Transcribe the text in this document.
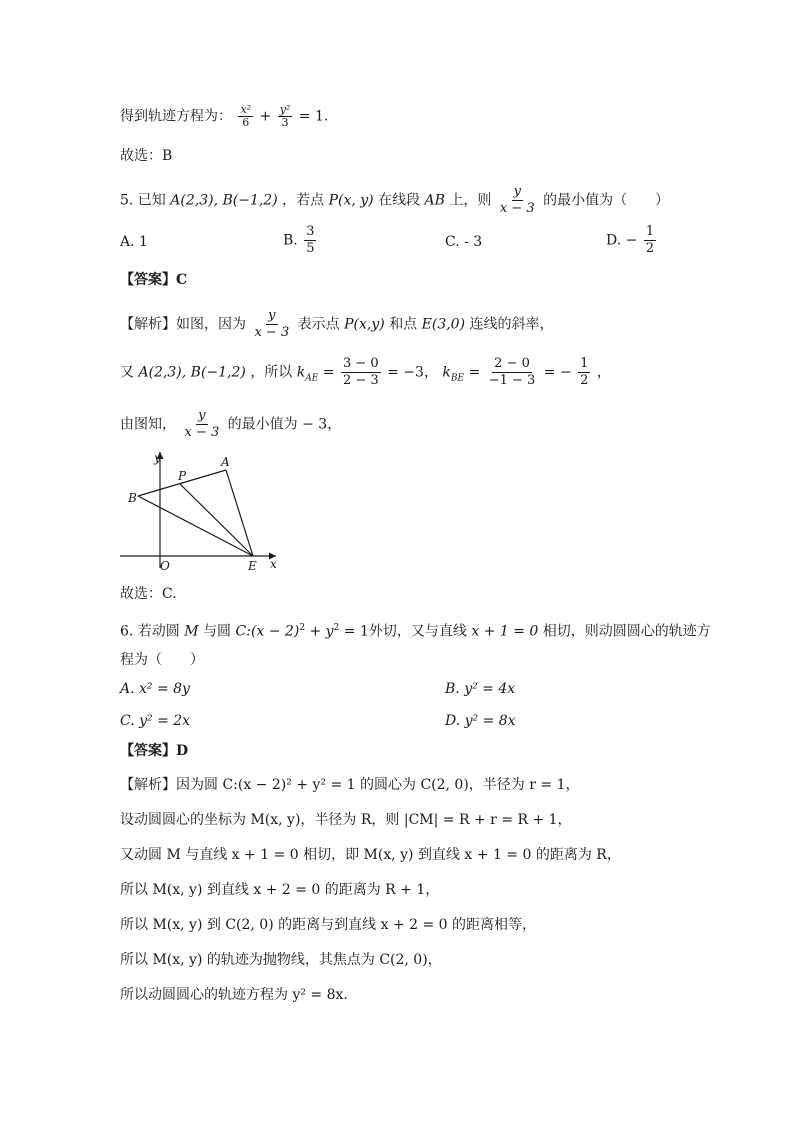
得到轨迹方程为： $\frac{\text{x²}}{6} + \frac{\text{y²}}{3} = 1$.
故选：B
5. 已知 A(2,3), B(−1,2) ，若点 P(x, y) 在线段 AB 上，则 $\frac{y}{x - 3}$ 的最小值为（　　）
A. 1	B. $\frac{3}{5}$	C. - 3	D. − $\frac{1}{2}$
【答案】C
【解析】如图，因为 $\frac{y}{x - 3}$ 表示点 P(x,y) 和点 E(3,0) 连线的斜率，
又 A(2,3), B(−1,2) ，所以 $k_{AE} = \frac{3 - 0}{2 - 3} = -3$， $k_{BE} = \frac{2 - 0}{-1 - 3}$ = − $\frac{1}{2}$ ，
由图知， $\frac{y}{x - 3}$ 的最小值为 − 3，
y
x
O	E
A
B
P
故选：C.
6. 若动圆 M 与圆 C:(x − $2)^2 + y^2 = 1$外切，又与直线 x + 1 = 0 相切，则动圆圆心的轨迹方
程为（　　）
A. x² = 8y	B. y² = 4x
C. y² = 2x	D. y² = 8x
【答案】D
【解析】因为圆 C:(x − 2)² + y² = 1 的圆心为 C(2, 0)，半径为 r = 1，
设动圆圆心的坐标为 M(x, y)，半径为 R，则 |CM| = R + r = R + 1，
又动圆 M 与直线 x + 1 = 0 相切，即 M(x, y) 到直线 x + 1 = 0 的距离为 R，
所以 M(x, y) 到直线 x + 2 = 0 的距离为 R + 1，
所以 M(x, y) 到 C(2, 0) 的距离与到直线 x + 2 = 0 的距离相等，
所以 M(x, y) 的轨迹为抛物线，其焦点为 C(2, 0)，
所以动圆圆心的轨迹方程为 y² = 8x.
